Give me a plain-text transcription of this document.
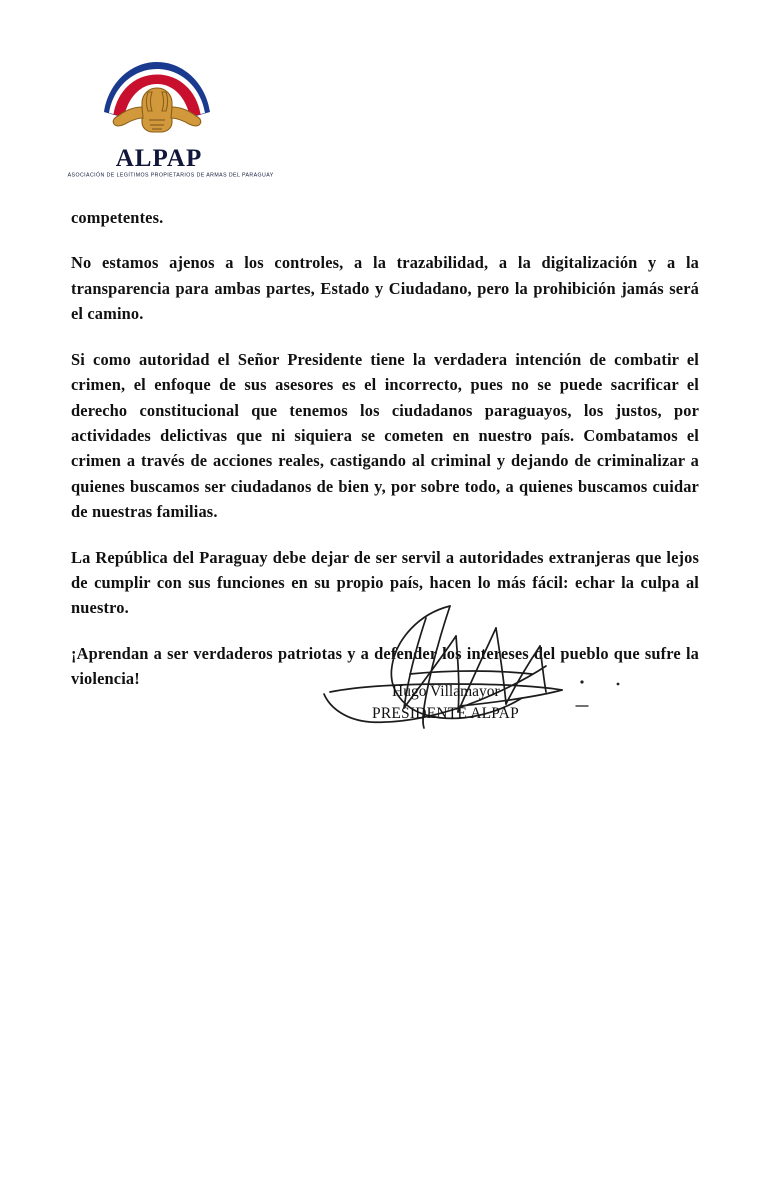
ALPAP
ASOCIACIÓN DE LEGÍTIMOS PROPIETARIOS DE ARMAS DEL PARAGUAY

competentes.

No estamos ajenos a los controles, a la trazabilidad, a la digitalización y a la transparencia para ambas partes, Estado y Ciudadano, pero la prohibición jamás será el camino.

Si como autoridad el Señor Presidente tiene la verdadera intención de combatir el crimen, el enfoque de sus asesores es el incorrecto, pues no se puede sacrificar el derecho constitucional que tenemos los ciudadanos paraguayos, los justos, por actividades delictivas que ni siquiera se cometen en nuestro país. Combatamos el crimen a través de acciones reales, castigando al criminal y dejando de criminalizar a quienes buscamos ser ciudadanos de bien y, por sobre todo, a quienes buscamos cuidar de nuestras familias.

La República del Paraguay debe dejar de ser servil a autoridades extranjeras que lejos de cumplir con sus funciones en su propio país, hacen lo más fácil: echar la culpa al nuestro.

¡Aprendan a ser verdaderos patriotas y a defender los intereses del pueblo que sufre la violencia!

Hugo Villamayor
PRESIDENTE ALPAP
